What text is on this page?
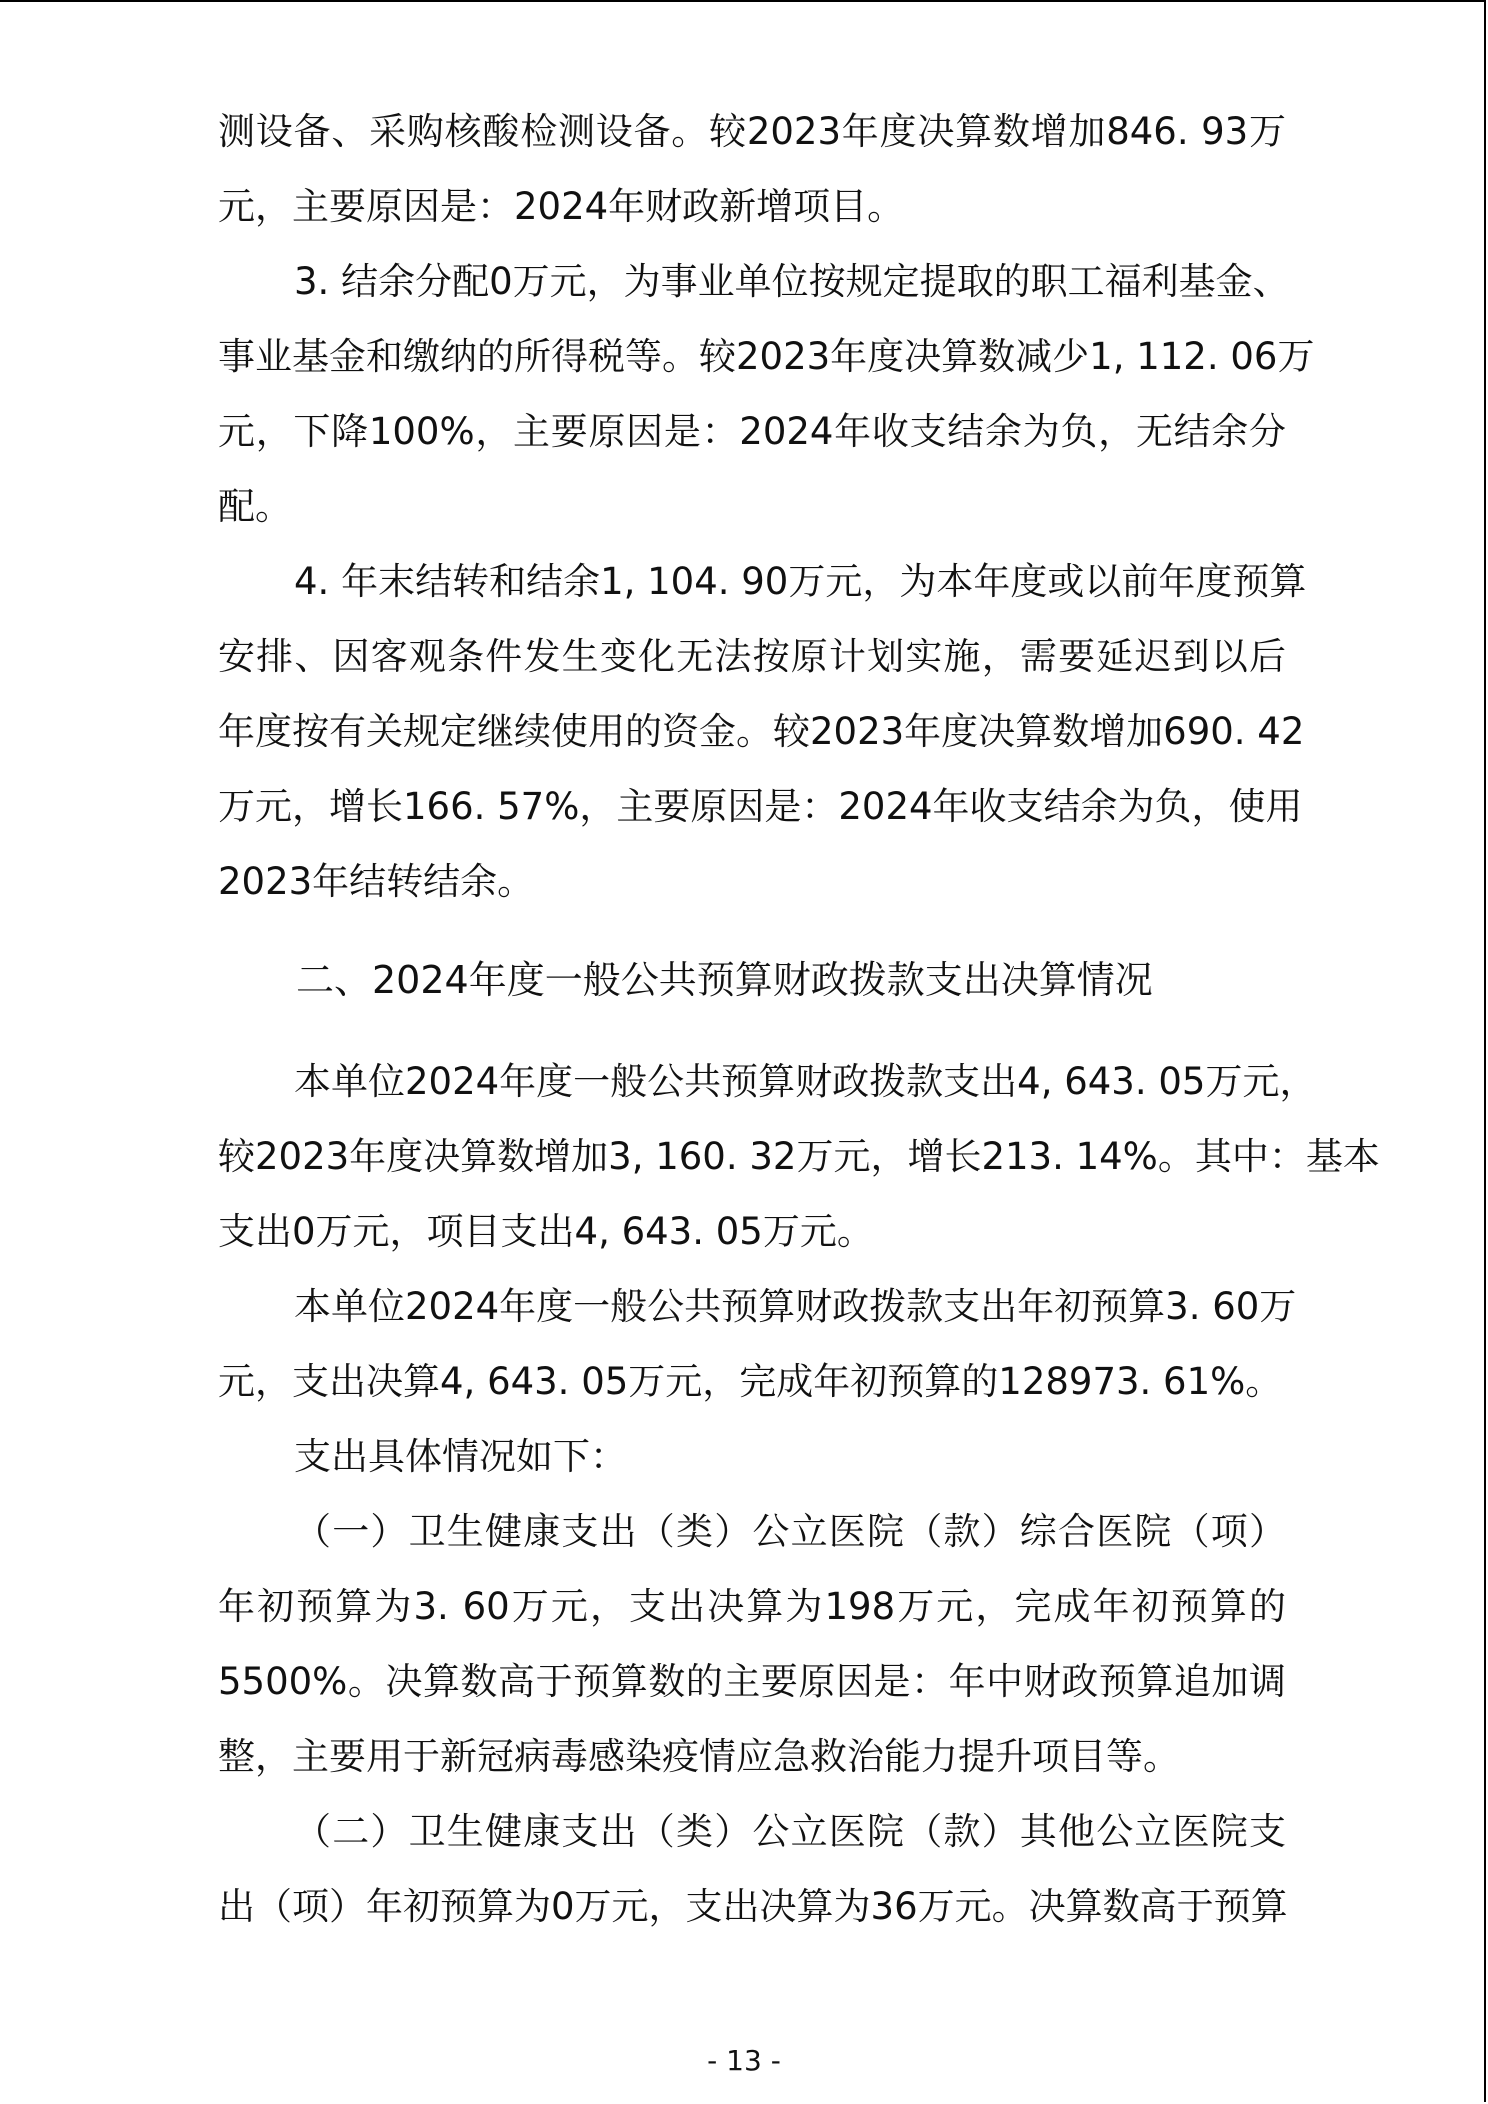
测设备、采购核酸检测设备。较2023年度决算数增加846. 93万
元，主要原因是：2024年财政新增项目。
3. 结余分配0万元，为事业单位按规定提取的职工福利基金、
事业基金和缴纳的所得税等。较2023年度决算数减少1, 112. 06万
元，下降100%，主要原因是：2024年收支结余为负，无结余分
配。
4. 年末结转和结余1, 104. 90万元，为本年度或以前年度预算
安排、因客观条件发生变化无法按原计划实施，需要延迟到以后
年度按有关规定继续使用的资金。较2023年度决算数增加690. 42
万元，增长166. 57%，主要原因是：2024年收支结余为负，使用
2023年结转结余。
二、2024年度一般公共预算财政拨款支出决算情况
本单位2024年度一般公共预算财政拨款支出4, 643. 05万元，
较2023年度决算数增加3, 160. 32万元，增长213. 14%。其中：基本
支出0万元，项目支出4, 643. 05万元。
本单位2024年度一般公共预算财政拨款支出年初预算3. 60万
元，支出决算4, 643. 05万元，完成年初预算的128973. 61%。
支出具体情况如下：
（一）卫生健康支出（类）公立医院（款）综合医院（项）
年初预算为3. 60万元，支出决算为198万元，完成年初预算的
5500%。决算数高于预算数的主要原因是：年中财政预算追加调
整，主要用于新冠病毒感染疫情应急救治能力提升项目等。
（二）卫生健康支出（类）公立医院（款）其他公立医院支
出（项）年初预算为0万元，支出决算为36万元。决算数高于预算
- 13 -
